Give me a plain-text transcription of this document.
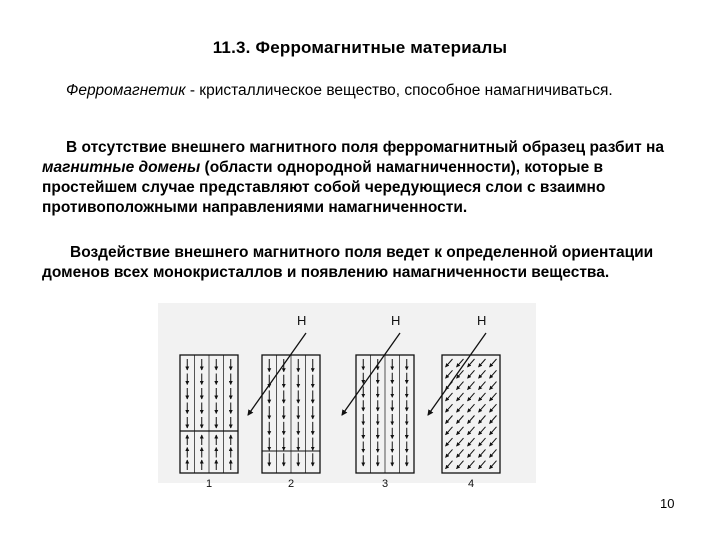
11.3. Ферромагнитные материалы
Ферромагнетик - кристаллическое вещество, способное намагничиваться.
В отсутствие внешнего магнитного поля ферромагнитный образец разбит на магнитные домены (области однородной намагниченности), которые в простейшем случае представляют собой чередующиеся слои с взаимно противоположными направлениями намагниченности.
Воздействие внешнего магнитного поля ведет к определенной ориентации доменов всех монокристаллов и появлению намагниченности вещества.
1
H
2
H
3
H
4
10
